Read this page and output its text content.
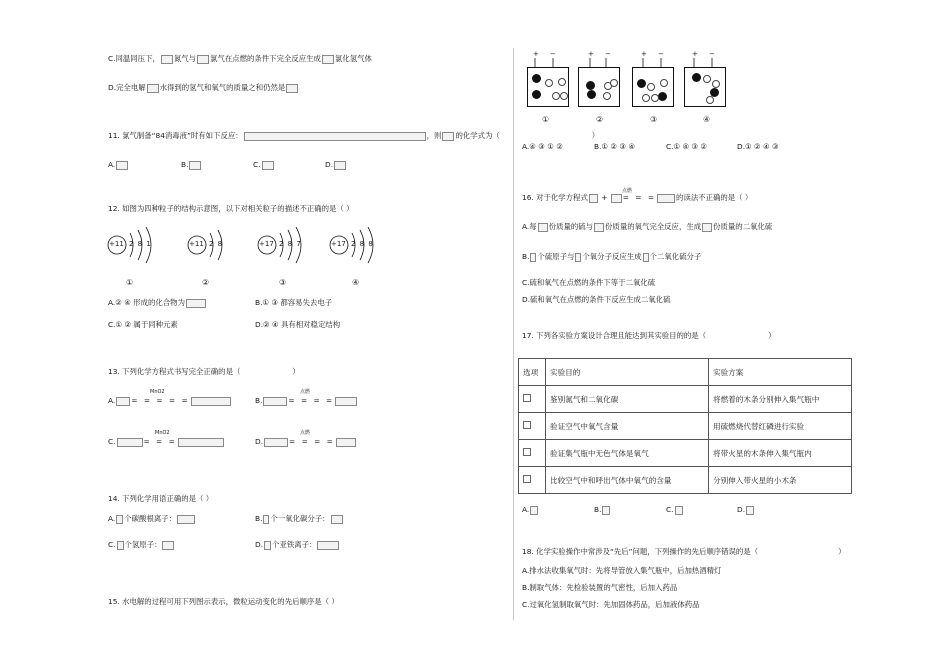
C.同温同压下， 氮气与 氯气在点燃的条件下完全反应生成 氯化氢气体
D.完全电解 水得到的氢气和氧气的质量之和仍然是
11. 氯气制备“84消毒液”时有如下反应：	，则 的化学式为（	）
A.	B.	C.	D.
12. 如图为四种粒子的结构示意图，以下对相关粒子的描述不正确的是（ ）
+11 2 8 1
①
+11 2 8
②
+17 2 8 7
③
+17 2 8 8
④
A.② ④ 形成的化合物为	B.① ③ 都容易失去电子
C.① ② 属于同种元素	D.② ④ 具有相对稳定结构
13. 下列化学方程式书写完全正确的是（	）
MnO2
A. = = = = =
点燃
B.	= = = =
MnO2
C.	= = =
点燃
D.	= = = =
14. 下列化学用语正确的是（ ）
A. 个碳酸根离子：	B. 个一氧化碳分子：
C. 个氢原子：	D. 个亚铁离子：
15. 水电解的过程可用下列图示表示，微粒运动变化的先后顺序是（ ）
+     −	+     −	+     −	+     −
①	②	③	④
A.④ ③ ① ②	B.① ② ③ ④	C.① ④ ③ ②	D.① ② ④ ③
点燃
16. 对于化学方程式 + = = =	的读法不正确的是（ ）
A.每 份质量的硫与 份质量的氧气完全反应，生成 份质量的二氧化硫
B. 个硫原子与 个氧分子反应生成 个二氧化硫分子
C.硫和氧气在点燃的条件下等于二氧化硫
D.硫和氧气在点燃的条件下反应生成二氧化硫
17. 下列各实验方案设计合理且能达到其实验目的的是（	）
选项	实验目的	实验方案
	鉴别氮气和二氧化碳	将燃着的木条分别伸入集气瓶中
	验证空气中氧气含量	用硫燃烧代替红磷进行实验
	验证集气瓶中无色气体是氧气	将带火星的木条伸入集气瓶内
	比较空气中和呼出气体中氧气的含量	分别伸入带火星的小木条
A.	B.	C.	D.
18. 化学实验操作中常涉及“先后”问题，下列操作的先后顺序错误的是（	）
A.排水法收集氧气时：先将导管放入集气瓶中，后加热酒精灯
B.制取气体：先检验装置的气密性，后加入药品
C.过氧化氢制取氧气时：先加固体药品，后加液体药品
